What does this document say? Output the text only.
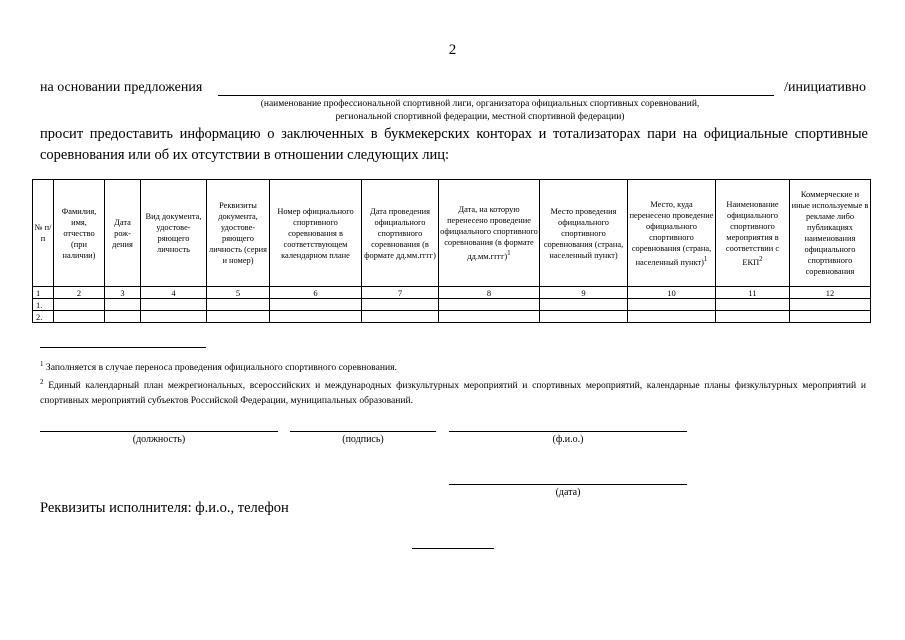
2
на основании предложения	/инициативно
(наименование профессиональной спортивной лиги, организатора официальных спортивных соревнований,
региональной спортивной федерации, местной спортивной федерации)
просит предоставить информацию о заключенных в букмекерских конторах и тотализаторах пари на официальные спортивные соревнования или об их отсутствии в отношении следующих лиц:
№ п/п	Фамилия, имя, отчество (при наличии)	Дата рож-дения	Вид документа, удостове-ряющего личность	Реквизиты документа, удостове-ряющего личность (серия и номер)	Номер официального спортивного соревнования в соответствующем календарном плане	Дата проведения официального спортивного соревнования (в формате дд.мм.гггг)	Дата, на которую перенесено проведение официального спортивного соревнования (в формате дд.мм.гггг)$^1$	Место проведения официального спортивного соревнования (страна, населенный пункт)	Место, куда перенесено проведение официального спортивного соревнования (страна, населенный пункт)$^1$	Наименование официального спортивного мероприятия в соответствии с ЕКП$^2$	Коммерческие и иные используемые в рекламе либо публикациях наименования официального спортивного соревнования
1	2	3	4	5	6	7	8	9	10	11	12
1.											
2.											

$^1$ Заполняется в случае переноса проведения официального спортивного соревнования.

$^2$ Единый календарный план межрегиональных, всероссийских и международных физкультурных мероприятий и спортивных мероприятий, календарные планы физкультурных мероприятий и спортивных мероприятий субъектов Российской Федерации, муниципальных образований.

(должность)	(подпись)	(ф.и.о.)
(дата)
Реквизиты исполнителя: ф.и.о., телефон
